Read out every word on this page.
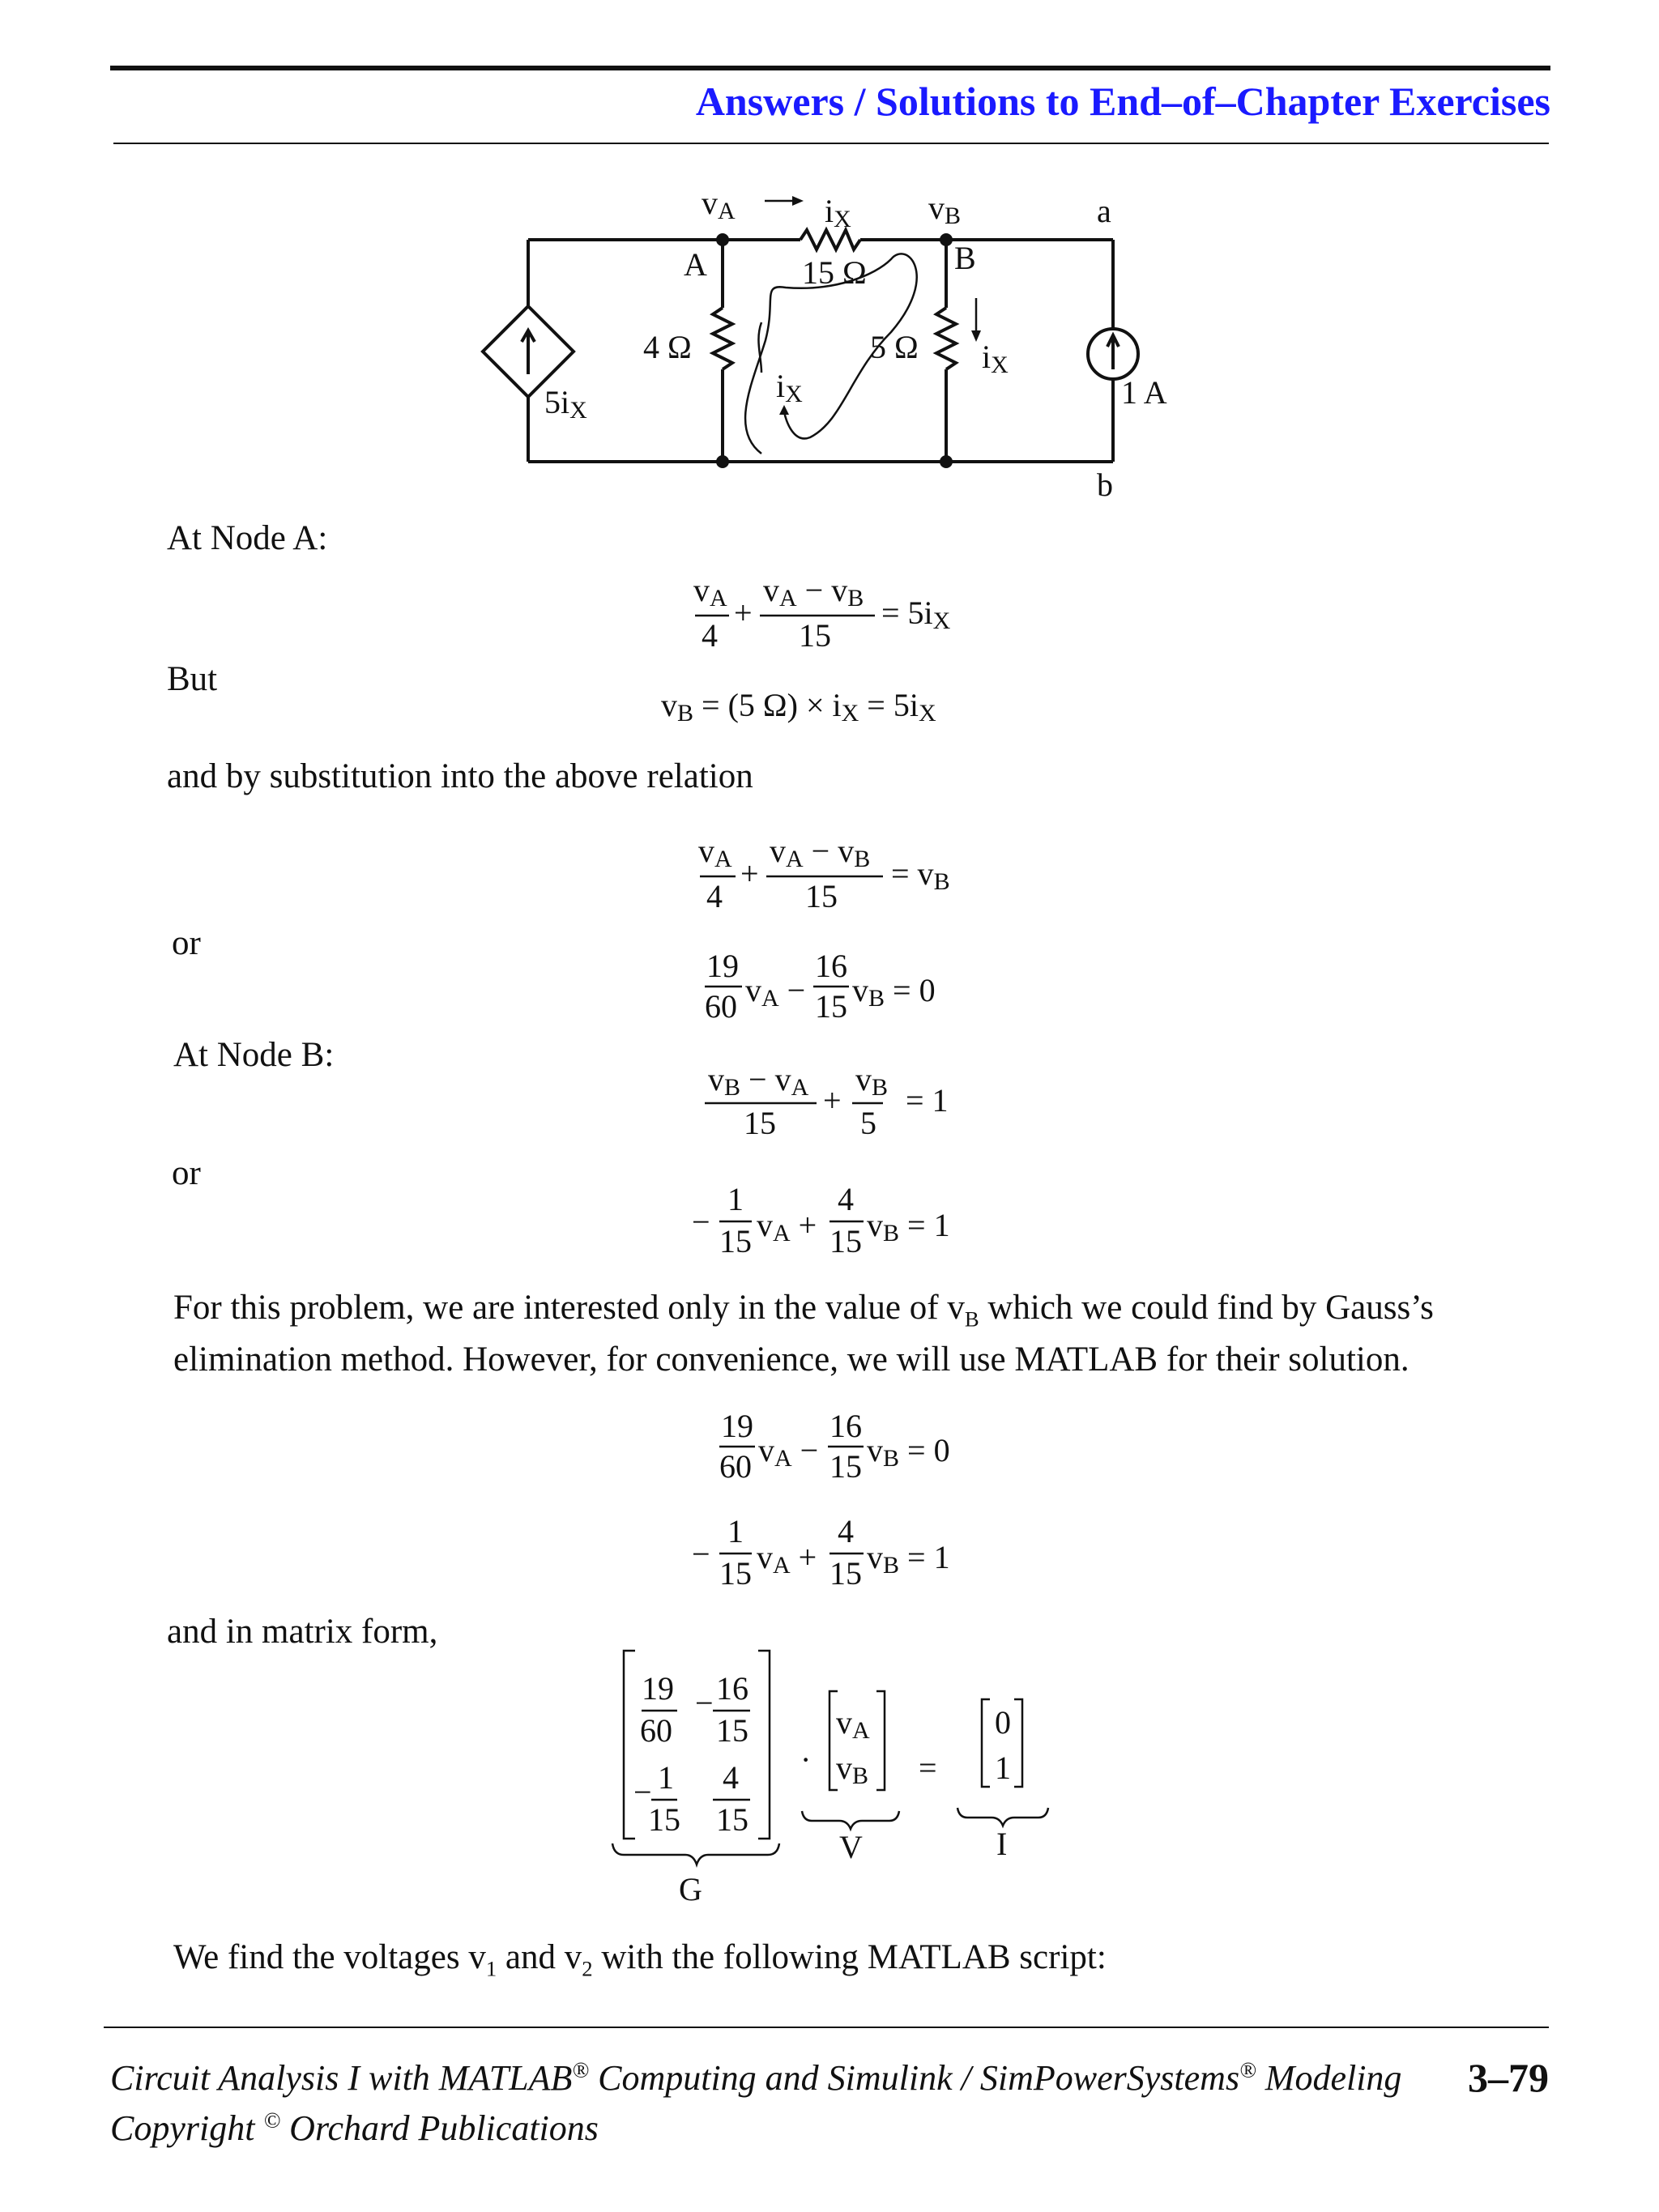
Answers / Solutions to End–of–Chapter Exercises
vA
A
iX
15 Ω
vB
B
a
b
4 Ω	5 Ω iX
iX
5iX	1 A
At Node A:
But
and by substitution into the above relation
or
At Node B:
or
For this problem, we are interested only in the value of $v_B$ which we could find by Gauss’s
elimination method. However, for convenience, we will use MATLAB for their solution.
and in matrix form,
We find the voltages $v_1$ and $v_2$ with the following MATLAB script:
vA
4
+
vA − vB
15
= 5iX
vB = (5 Ω) × iX = 5iX
vA
4
+
vA − vB
15
= vB
19
60 vA −
16
15 vB = 0
vB − vA
15
+
vB
5
= 1
−
1
15 vA +
4
15 vB = 1
19
60 vA −
16
15 vB = 0
−
1
15 vA +
4
15 vB = 1
19
60
− 16
15
− 1
15
4
15
·
vA
vB =
0
1
G
V	I
Circuit Analysis I with MATLAB® Computing and Simulink / SimPowerSystems® Modeling
Copyright © Orchard Publications
3–79
